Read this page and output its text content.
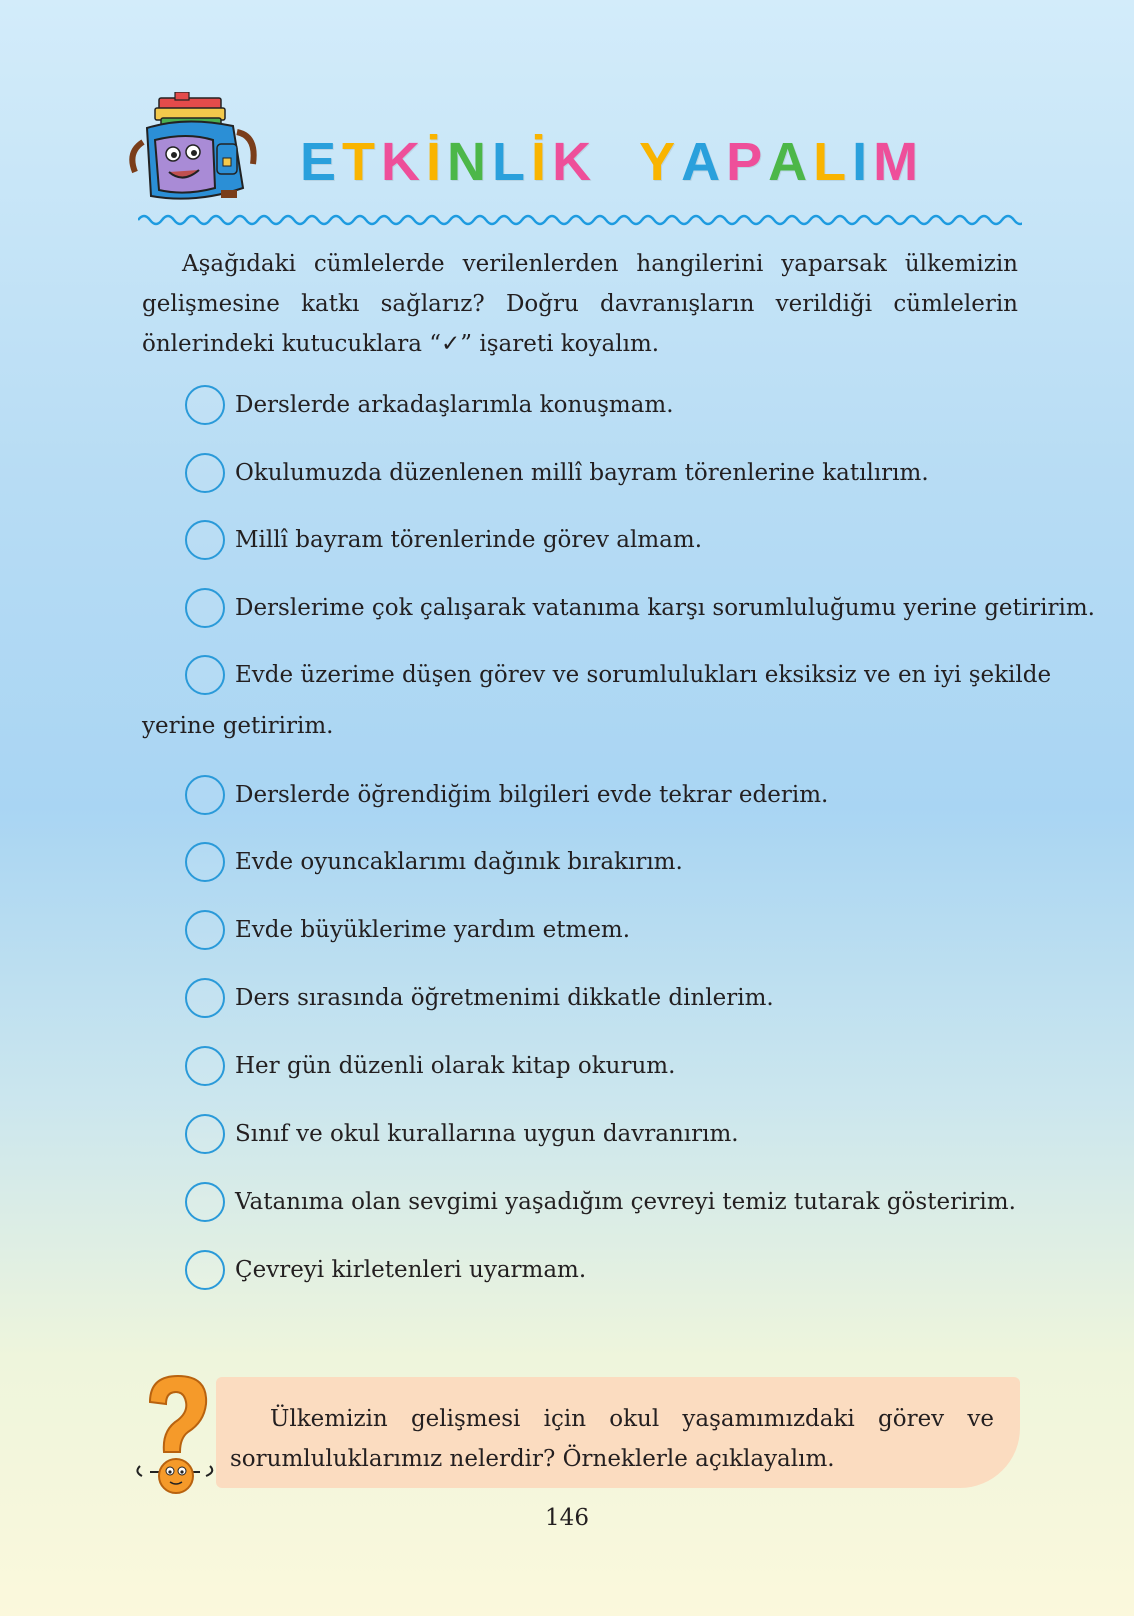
ETKİNLİK YAPALIM

Aşağıdaki cümlelerde verilenlerden hangilerini yaparsak ülkemizin gelişmesine katkı sağlarız? Doğru davranışların verildiği cümlelerin önlerindeki kutucuklara “✓” işareti koyalım.

Derslerde arkadaşlarımla konuşmam.
Okulumuzda düzenlenen millî bayram törenlerine katılırım.
Millî bayram törenlerinde görev almam.
Derslerime çok çalışarak vatanıma karşı sorumluluğumu yerine getiririm.
Evde üzerime düşen görev ve sorumlulukları eksiksiz ve en iyi şekilde
yerine getiririm.
Derslerde öğrendiğim bilgileri evde tekrar ederim.
Evde oyuncaklarımı dağınık bırakırım.
Evde büyüklerime yardım etmem.
Ders sırasında öğretmenimi dikkatle dinlerim.
Her gün düzenli olarak kitap okurum.
Sınıf ve okul kurallarına uygun davranırım.
Vatanıma olan sevgimi yaşadığım çevreyi temiz tutarak gösteririm.
Çevreyi kirletenleri uyarmam.

Ülkemizin gelişmesi için okul yaşamımızdaki görev ve sorumluluklarımız nelerdir? Örneklerle açıklayalım.

146
